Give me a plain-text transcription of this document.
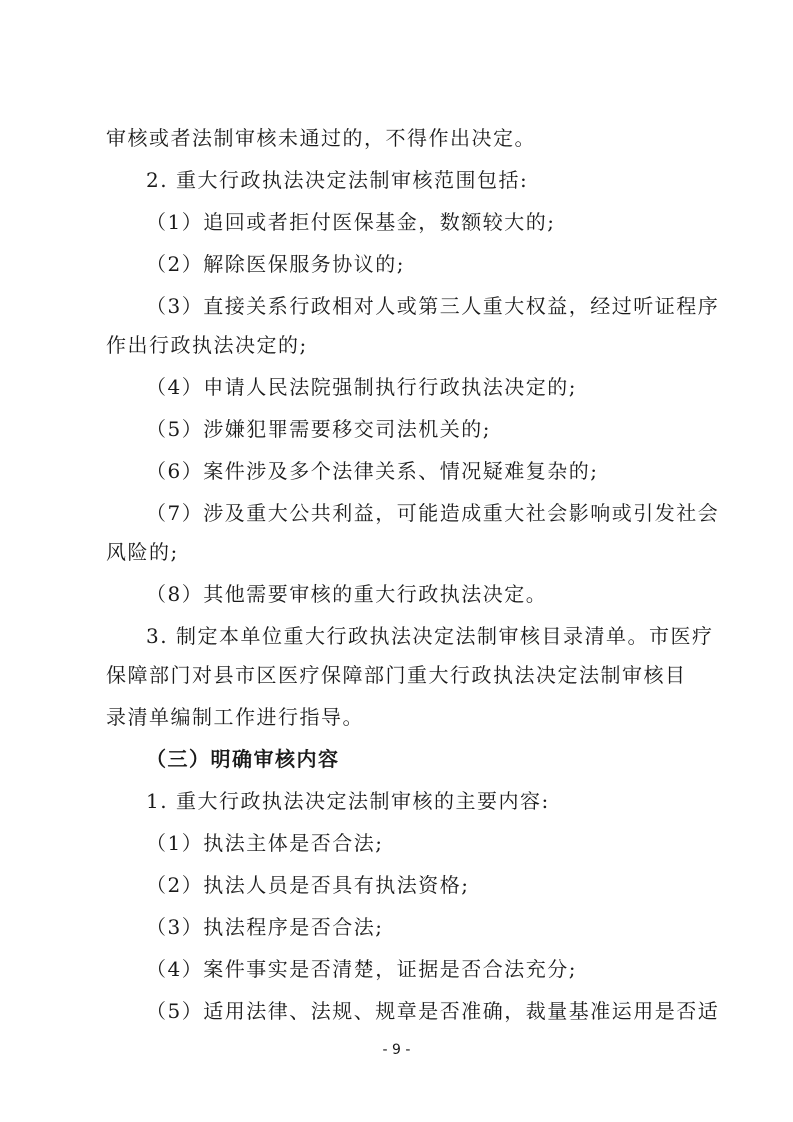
审核或者法制审核未通过的，不得作出决定。
2. 重大行政执法决定法制审核范围包括:
（1）追回或者拒付医保基金，数额较大的;
（2）解除医保服务协议的;
（3）直接关系行政相对人或第三人重大权益，经过听证程序
作出行政执法决定的;
（4）申请人民法院强制执行行政执法决定的;
（5）涉嫌犯罪需要移交司法机关的;
（6）案件涉及多个法律关系、情况疑难复杂的;
（7）涉及重大公共利益，可能造成重大社会影响或引发社会
风险的;
（8）其他需要审核的重大行政执法决定。
3. 制定本单位重大行政执法决定法制审核目录清单。市医疗
保障部门对县市区医疗保障部门重大行政执法决定法制审核目
录清单编制工作进行指导。
（三）明确审核内容
1. 重大行政执法决定法制审核的主要内容:
（1）执法主体是否合法;
（2）执法人员是否具有执法资格;
（3）执法程序是否合法;
（4）案件事实是否清楚，证据是否合法充分;
（5）适用法律、法规、规章是否准确，裁量基准运用是否适
- 9 -
